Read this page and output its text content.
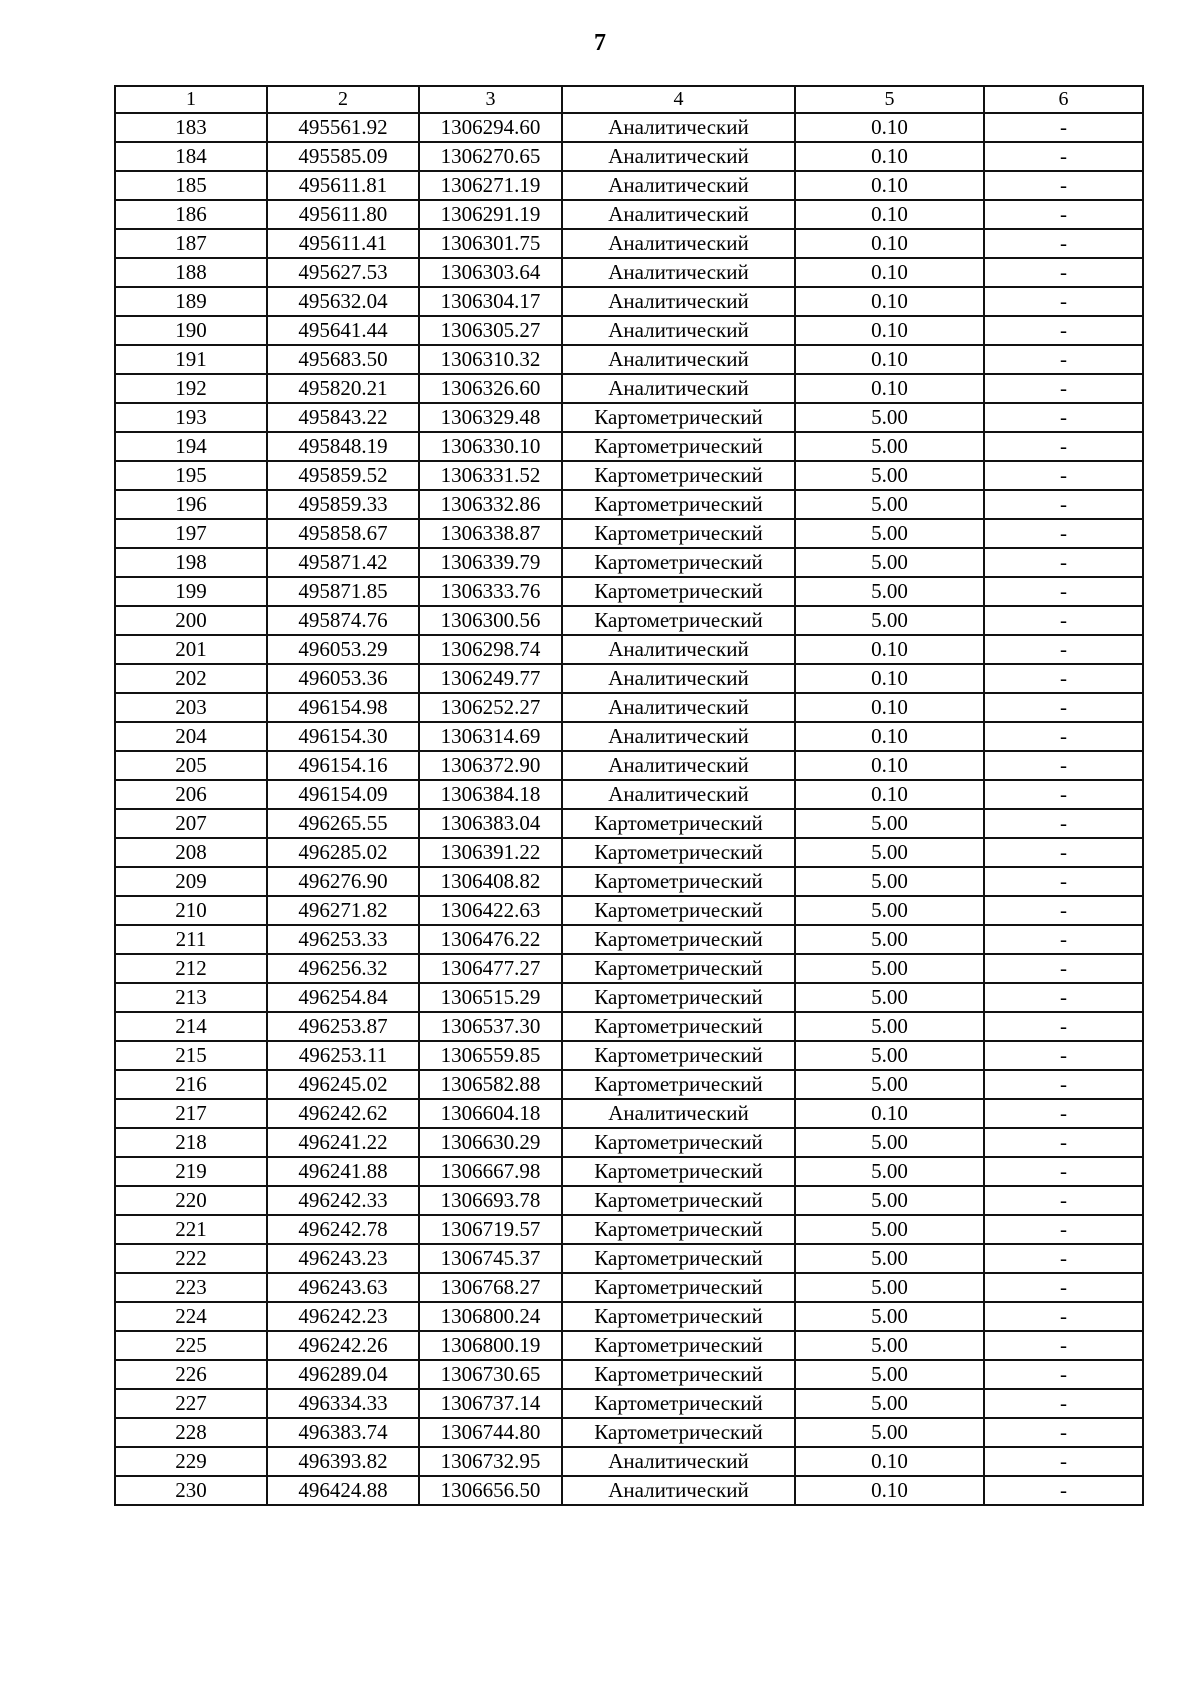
7
1	2	3	4	5	6
183	495561.92	1306294.60	Аналитический	0.10	-
184	495585.09	1306270.65	Аналитический	0.10	-
185	495611.81	1306271.19	Аналитический	0.10	-
186	495611.80	1306291.19	Аналитический	0.10	-
187	495611.41	1306301.75	Аналитический	0.10	-
188	495627.53	1306303.64	Аналитический	0.10	-
189	495632.04	1306304.17	Аналитический	0.10	-
190	495641.44	1306305.27	Аналитический	0.10	-
191	495683.50	1306310.32	Аналитический	0.10	-
192	495820.21	1306326.60	Аналитический	0.10	-
193	495843.22	1306329.48	Картометрический	5.00	-
194	495848.19	1306330.10	Картометрический	5.00	-
195	495859.52	1306331.52	Картометрический	5.00	-
196	495859.33	1306332.86	Картометрический	5.00	-
197	495858.67	1306338.87	Картометрический	5.00	-
198	495871.42	1306339.79	Картометрический	5.00	-
199	495871.85	1306333.76	Картометрический	5.00	-
200	495874.76	1306300.56	Картометрический	5.00	-
201	496053.29	1306298.74	Аналитический	0.10	-
202	496053.36	1306249.77	Аналитический	0.10	-
203	496154.98	1306252.27	Аналитический	0.10	-
204	496154.30	1306314.69	Аналитический	0.10	-
205	496154.16	1306372.90	Аналитический	0.10	-
206	496154.09	1306384.18	Аналитический	0.10	-
207	496265.55	1306383.04	Картометрический	5.00	-
208	496285.02	1306391.22	Картометрический	5.00	-
209	496276.90	1306408.82	Картометрический	5.00	-
210	496271.82	1306422.63	Картометрический	5.00	-
211	496253.33	1306476.22	Картометрический	5.00	-
212	496256.32	1306477.27	Картометрический	5.00	-
213	496254.84	1306515.29	Картометрический	5.00	-
214	496253.87	1306537.30	Картометрический	5.00	-
215	496253.11	1306559.85	Картометрический	5.00	-
216	496245.02	1306582.88	Картометрический	5.00	-
217	496242.62	1306604.18	Аналитический	0.10	-
218	496241.22	1306630.29	Картометрический	5.00	-
219	496241.88	1306667.98	Картометрический	5.00	-
220	496242.33	1306693.78	Картометрический	5.00	-
221	496242.78	1306719.57	Картометрический	5.00	-
222	496243.23	1306745.37	Картометрический	5.00	-
223	496243.63	1306768.27	Картометрический	5.00	-
224	496242.23	1306800.24	Картометрический	5.00	-
225	496242.26	1306800.19	Картометрический	5.00	-
226	496289.04	1306730.65	Картометрический	5.00	-
227	496334.33	1306737.14	Картометрический	5.00	-
228	496383.74	1306744.80	Картометрический	5.00	-
229	496393.82	1306732.95	Аналитический	0.10	-
230	496424.88	1306656.50	Аналитический	0.10	-
